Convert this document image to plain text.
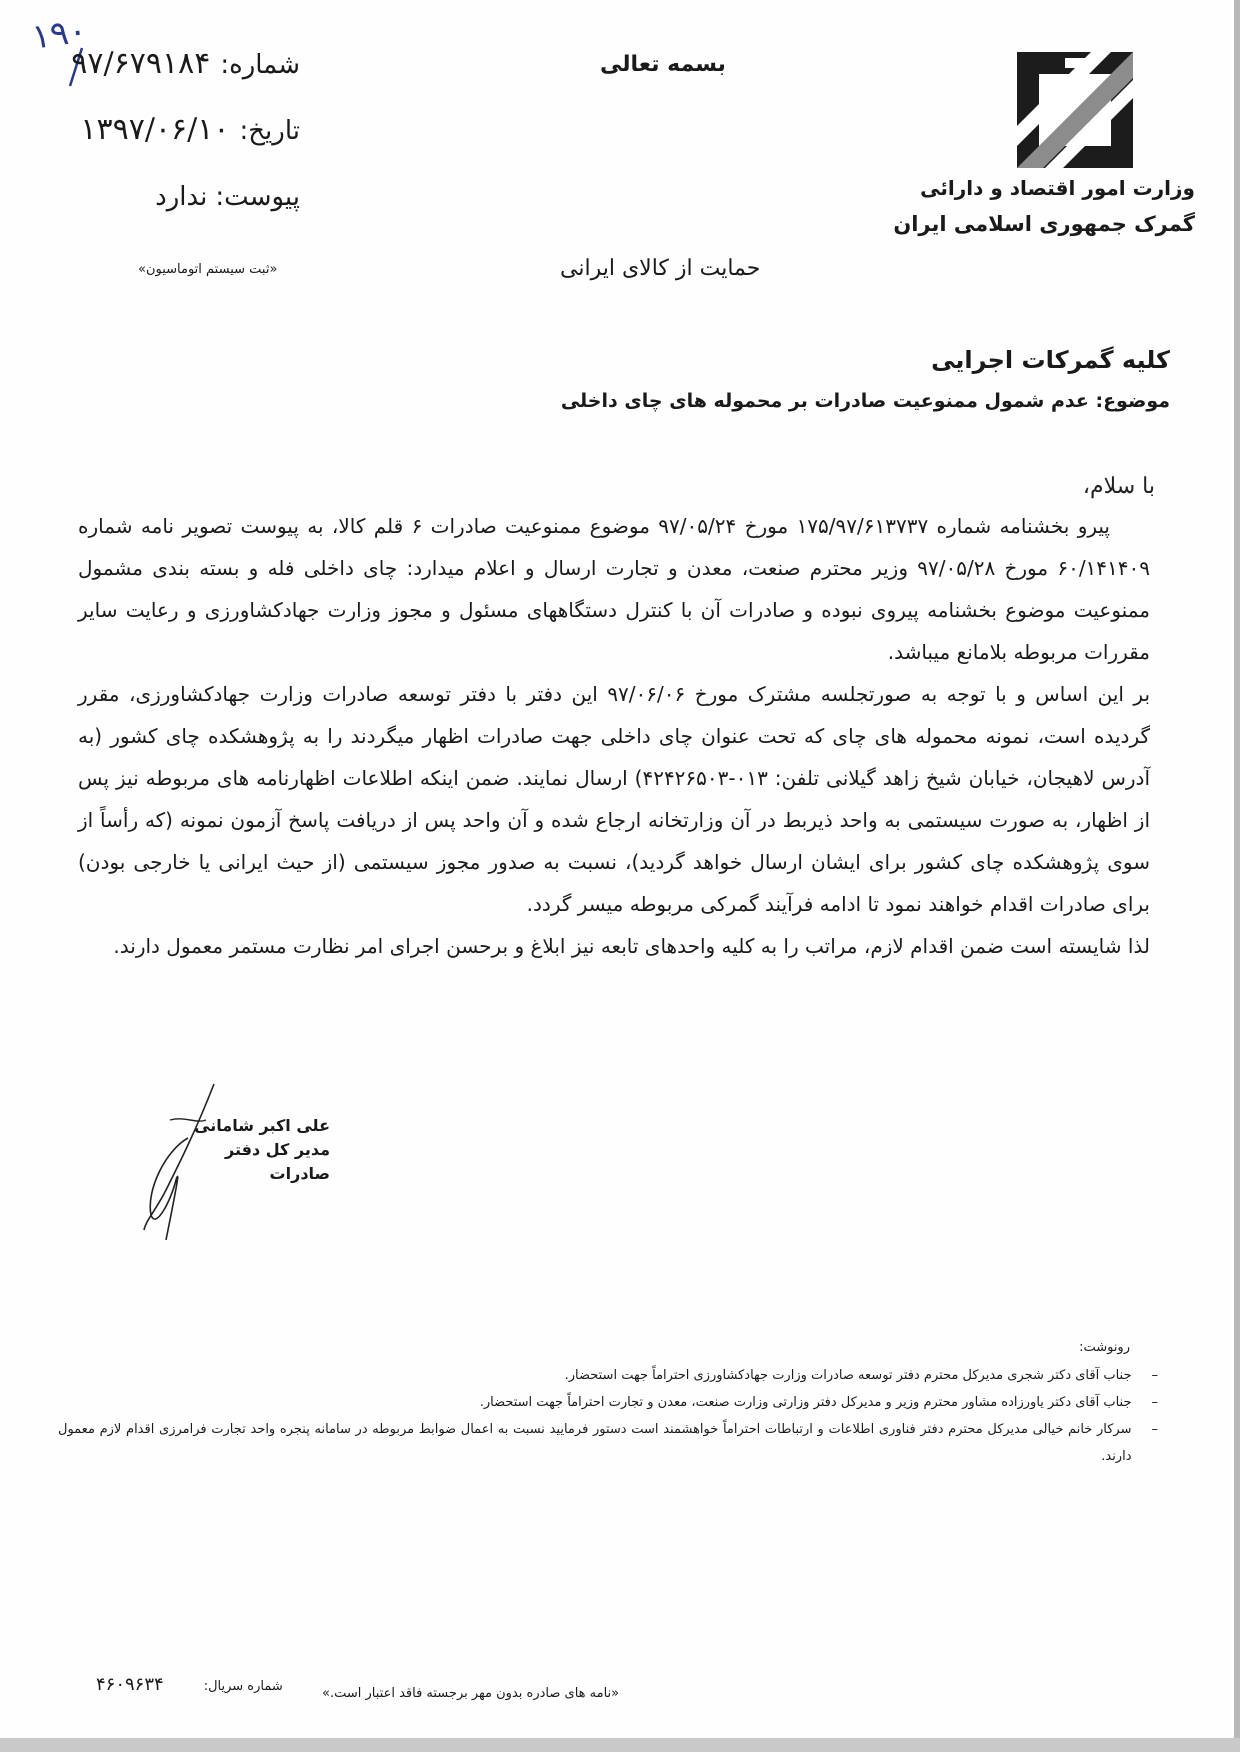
۱۹۰
شماره:
۹۷/۶۷۹۱۸۴
تاریخ:
۱۳۹۷/۰۶/۱۰
پیوست:
ندارد
«ثبت سیستم اتوماسیون»
بسمه تعالی
حمایت از کالای ایرانی
وزارت امور اقتصاد و دارائی
گمرک جمهوری اسلامی ایران
کلیه گمرکات اجرایی
موضوع: عدم شمول ممنوعیت صادرات بر محموله های چای داخلی
با سلام،

پیرو بخشنامه شماره ۱۷۵/۹۷/۶۱۳۷۳۷ مورخ ۹۷/۰۵/۲۴ موضوع ممنوعیت صادرات ۶ قلم کالا، به پیوست تصویر نامه شماره ۶۰/۱۴۱۴۰۹ مورخ ۹۷/۰۵/۲۸ وزیر محترم صنعت، معدن و تجارت ارسال و اعلام میدارد: چای داخلی فله و بسته بندی مشمول ممنوعیت موضوع بخشنامه پیروی نبوده و صادرات آن با کنترل دستگاههای مسئول و مجوز وزارت جهادکشاورزی و رعایت سایر مقررات مربوطه بلامانع میباشد.

بر این اساس و با توجه به صورتجلسه مشترک مورخ ۹۷/۰۶/۰۶ این دفتر با دفتر توسعه صادرات وزارت جهادکشاورزی، مقرر گردیده است، نمونه محموله های چای که تحت عنوان چای داخلی جهت صادرات اظهار میگردند را به پژوهشکده چای کشور (به آدرس لاهیجان، خیابان شیخ زاهد گیلانی تلفن: ۰۱۳-۴۲۴۲۶۵۰۳) ارسال نمایند. ضمن اینکه اطلاعات اظهارنامه های مربوطه نیز پس از اظهار، به صورت سیستمی به واحد ذیربط در آن وزارتخانه ارجاع شده و آن واحد پس از دریافت پاسخ آزمون نمونه (که رأساً از سوی پژوهشکده چای کشور برای ایشان ارسال خواهد گردید)، نسبت به صدور مجوز سیستمی (از حیث ایرانی یا خارجی بودن) برای صادرات اقدام خواهند نمود تا ادامه فرآیند گمرکی مربوطه میسر گردد.

لذا شایسته است ضمن اقدام لازم، مراتب را به کلیه واحدهای تابعه نیز ابلاغ و برحسن اجرای امر نظارت مستمر معمول دارند.

علی اکبر شامانی
مدیر کل دفتر صادرات
رونوشت:
–
جناب آقای دکتر شجری مدیرکل محترم دفتر توسعه صادرات وزارت جهادکشاورزی احتراماً جهت استحضار.
–
جناب آقای دکتر یاورزاده مشاور محترم وزیر و مدیرکل دفتر وزارتی وزارت صنعت، معدن و تجارت احتراماً جهت استحضار.
–
سرکار خانم خیالی مدیرکل محترم دفتر فناوری اطلاعات و ارتباطات احتراماً خواهشمند است دستور فرمایید نسبت به اعمال ضوابط مربوطه در سامانه پنجره واحد تجارت فرامرزی اقدام لازم معمول دارند.
«نامه های صادره بدون مهر برجسته فاقد اعتبار است.»
شماره سریال:
۴۶۰۹۶۳۴
